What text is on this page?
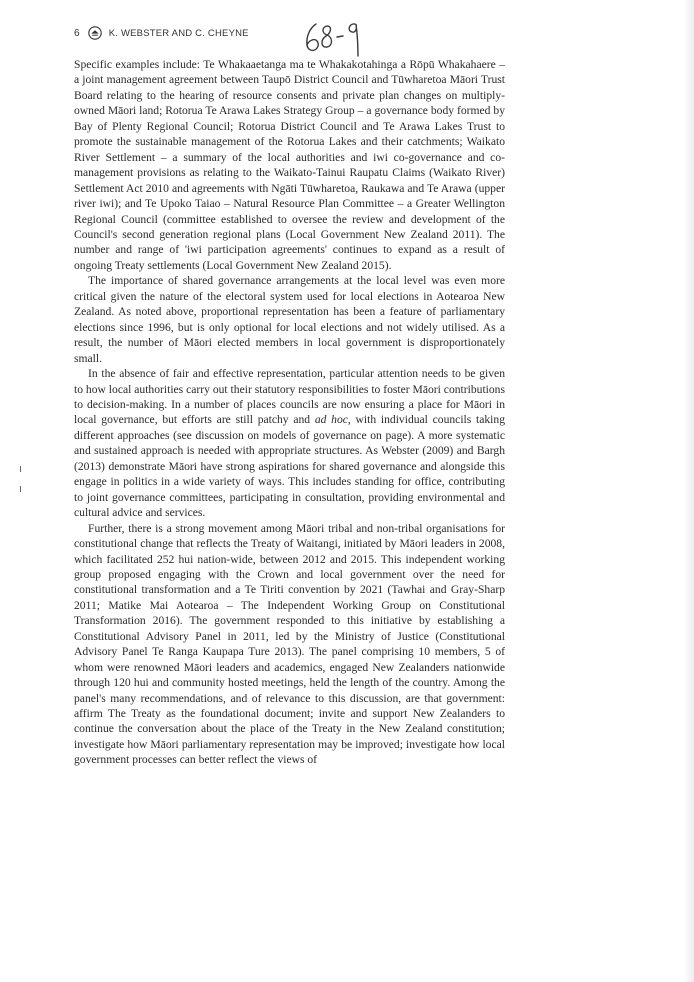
6	K. WEBSTER AND C. CHEYNE

Specific examples include: Te Whakaaetanga ma te Whakakotahinga a Rōpū Whakahaere – a joint management agreement between Taupō District Council and Tūwharetoa Māori Trust Board relating to the hearing of resource consents and private plan changes on multiply-owned Māori land; Rotorua Te Arawa Lakes Strategy Group – a governance body formed by Bay of Plenty Regional Council; Rotorua District Council and Te Arawa Lakes Trust to promote the sustainable management of the Rotorua Lakes and their catchments; Waikato River Settlement – a summary of the local authorities and iwi co-governance and co-management provisions as relating to the Waikato-Tainui Raupatu Claims (Waikato River) Settlement Act 2010 and agreements with Ngāti Tūwharetoa, Raukawa and Te Arawa (upper river iwi); and Te Upoko Taiao – Natural Resource Plan Committee – a Greater Wellington Regional Council (committee established to oversee the review and development of the Council's second generation regional plans (Local Government New Zealand 2011). The number and range of 'iwi participation agreements' continues to expand as a result of ongoing Treaty settlements (Local Government New Zealand 2015).

The importance of shared governance arrangements at the local level was even more critical given the nature of the electoral system used for local elections in Aotearoa New Zealand. As noted above, proportional representation has been a feature of parliamentary elections since 1996, but is only optional for local elections and not widely utilised. As a result, the number of Māori elected members in local government is disproportionately small.

In the absence of fair and effective representation, particular attention needs to be given to how local authorities carry out their statutory responsibilities to foster Māori contributions to decision-making. In a number of places councils are now ensuring a place for Māori in local governance, but efforts are still patchy and ad hoc, with individual councils taking different approaches (see discussion on models of governance on page). A more systematic and sustained approach is needed with appropriate structures. As Webster (2009) and Bargh (2013) demonstrate Māori have strong aspirations for shared governance and alongside this engage in politics in a wide variety of ways. This includes standing for office, contributing to joint governance committees, participating in consultation, providing environmental and cultural advice and services.

Further, there is a strong movement among Māori tribal and non-tribal organisations for constitutional change that reflects the Treaty of Waitangi, initiated by Māori leaders in 2008, which facilitated 252 hui nation-wide, between 2012 and 2015. This independent working group proposed engaging with the Crown and local government over the need for constitutional transformation and a Te Tiriti convention by 2021 (Tawhai and Gray-Sharp 2011; Matike Mai Aotearoa – The Independent Working Group on Constitutional Transformation 2016). The government responded to this initiative by establishing a Constitutional Advisory Panel in 2011, led by the Ministry of Justice (Constitutional Advisory Panel Te Ranga Kaupapa Ture 2013). The panel comprising 10 members, 5 of whom were renowned Māori leaders and academics, engaged New Zealanders nationwide through 120 hui and community hosted meetings, held the length of the country. Among the panel's many recommendations, and of relevance to this discussion, are that government: affirm The Treaty as the foundational document; invite and support New Zealanders to continue the conversation about the place of the Treaty in the New Zealand constitution; investigate how Māori parliamentary representation may be improved; investigate how local government processes can better reflect the views of
